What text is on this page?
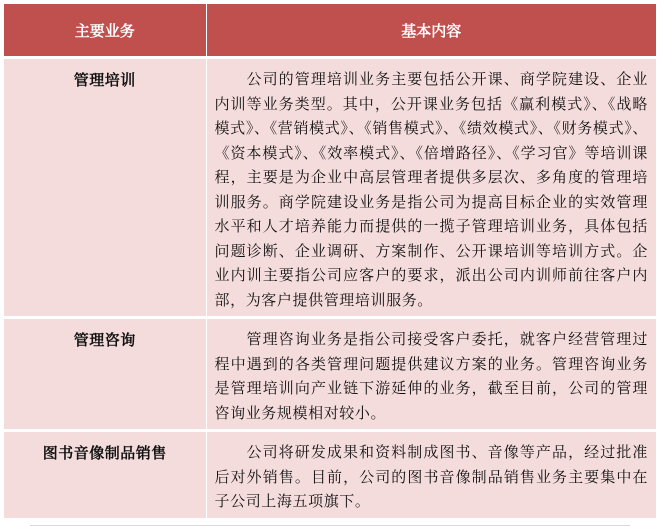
主要业务	基本内容

管理培训	公司的管理培训业务主要包括公开课、商学院建设、企业内训等业务类型。其中，公开课业务包括《赢利模式》、《战略模式》、《营销模式》、《销售模式》、《绩效模式》、《财务模式》、《资本模式》、《效率模式》、《倍增路径》、《学习官》等培训课程，主要是为企业中高层管理者提供多层次、多角度的管理培训服务。商学院建设业务是指公司为提高目标企业的实效管理水平和人才培养能力而提供的一揽子管理培训业务，具体包括问题诊断、企业调研、方案制作、公开课培训等培训方式。企业内训主要指公司应客户的要求，派出公司内训师前往客户内部，为客户提供管理培训服务。

管理咨询	管理咨询业务是指公司接受客户委托，就客户经营管理过程中遇到的各类管理问题提供建议方案的业务。管理咨询业务是管理培训向产业链下游延伸的业务，截至目前，公司的管理咨询业务规模相对较小。

图书音像制品销售	公司将研发成果和资料制成图书、音像等产品，经过批准后对外销售。目前，公司的图书音像制品销售业务主要集中在子公司上海五项旗下。
